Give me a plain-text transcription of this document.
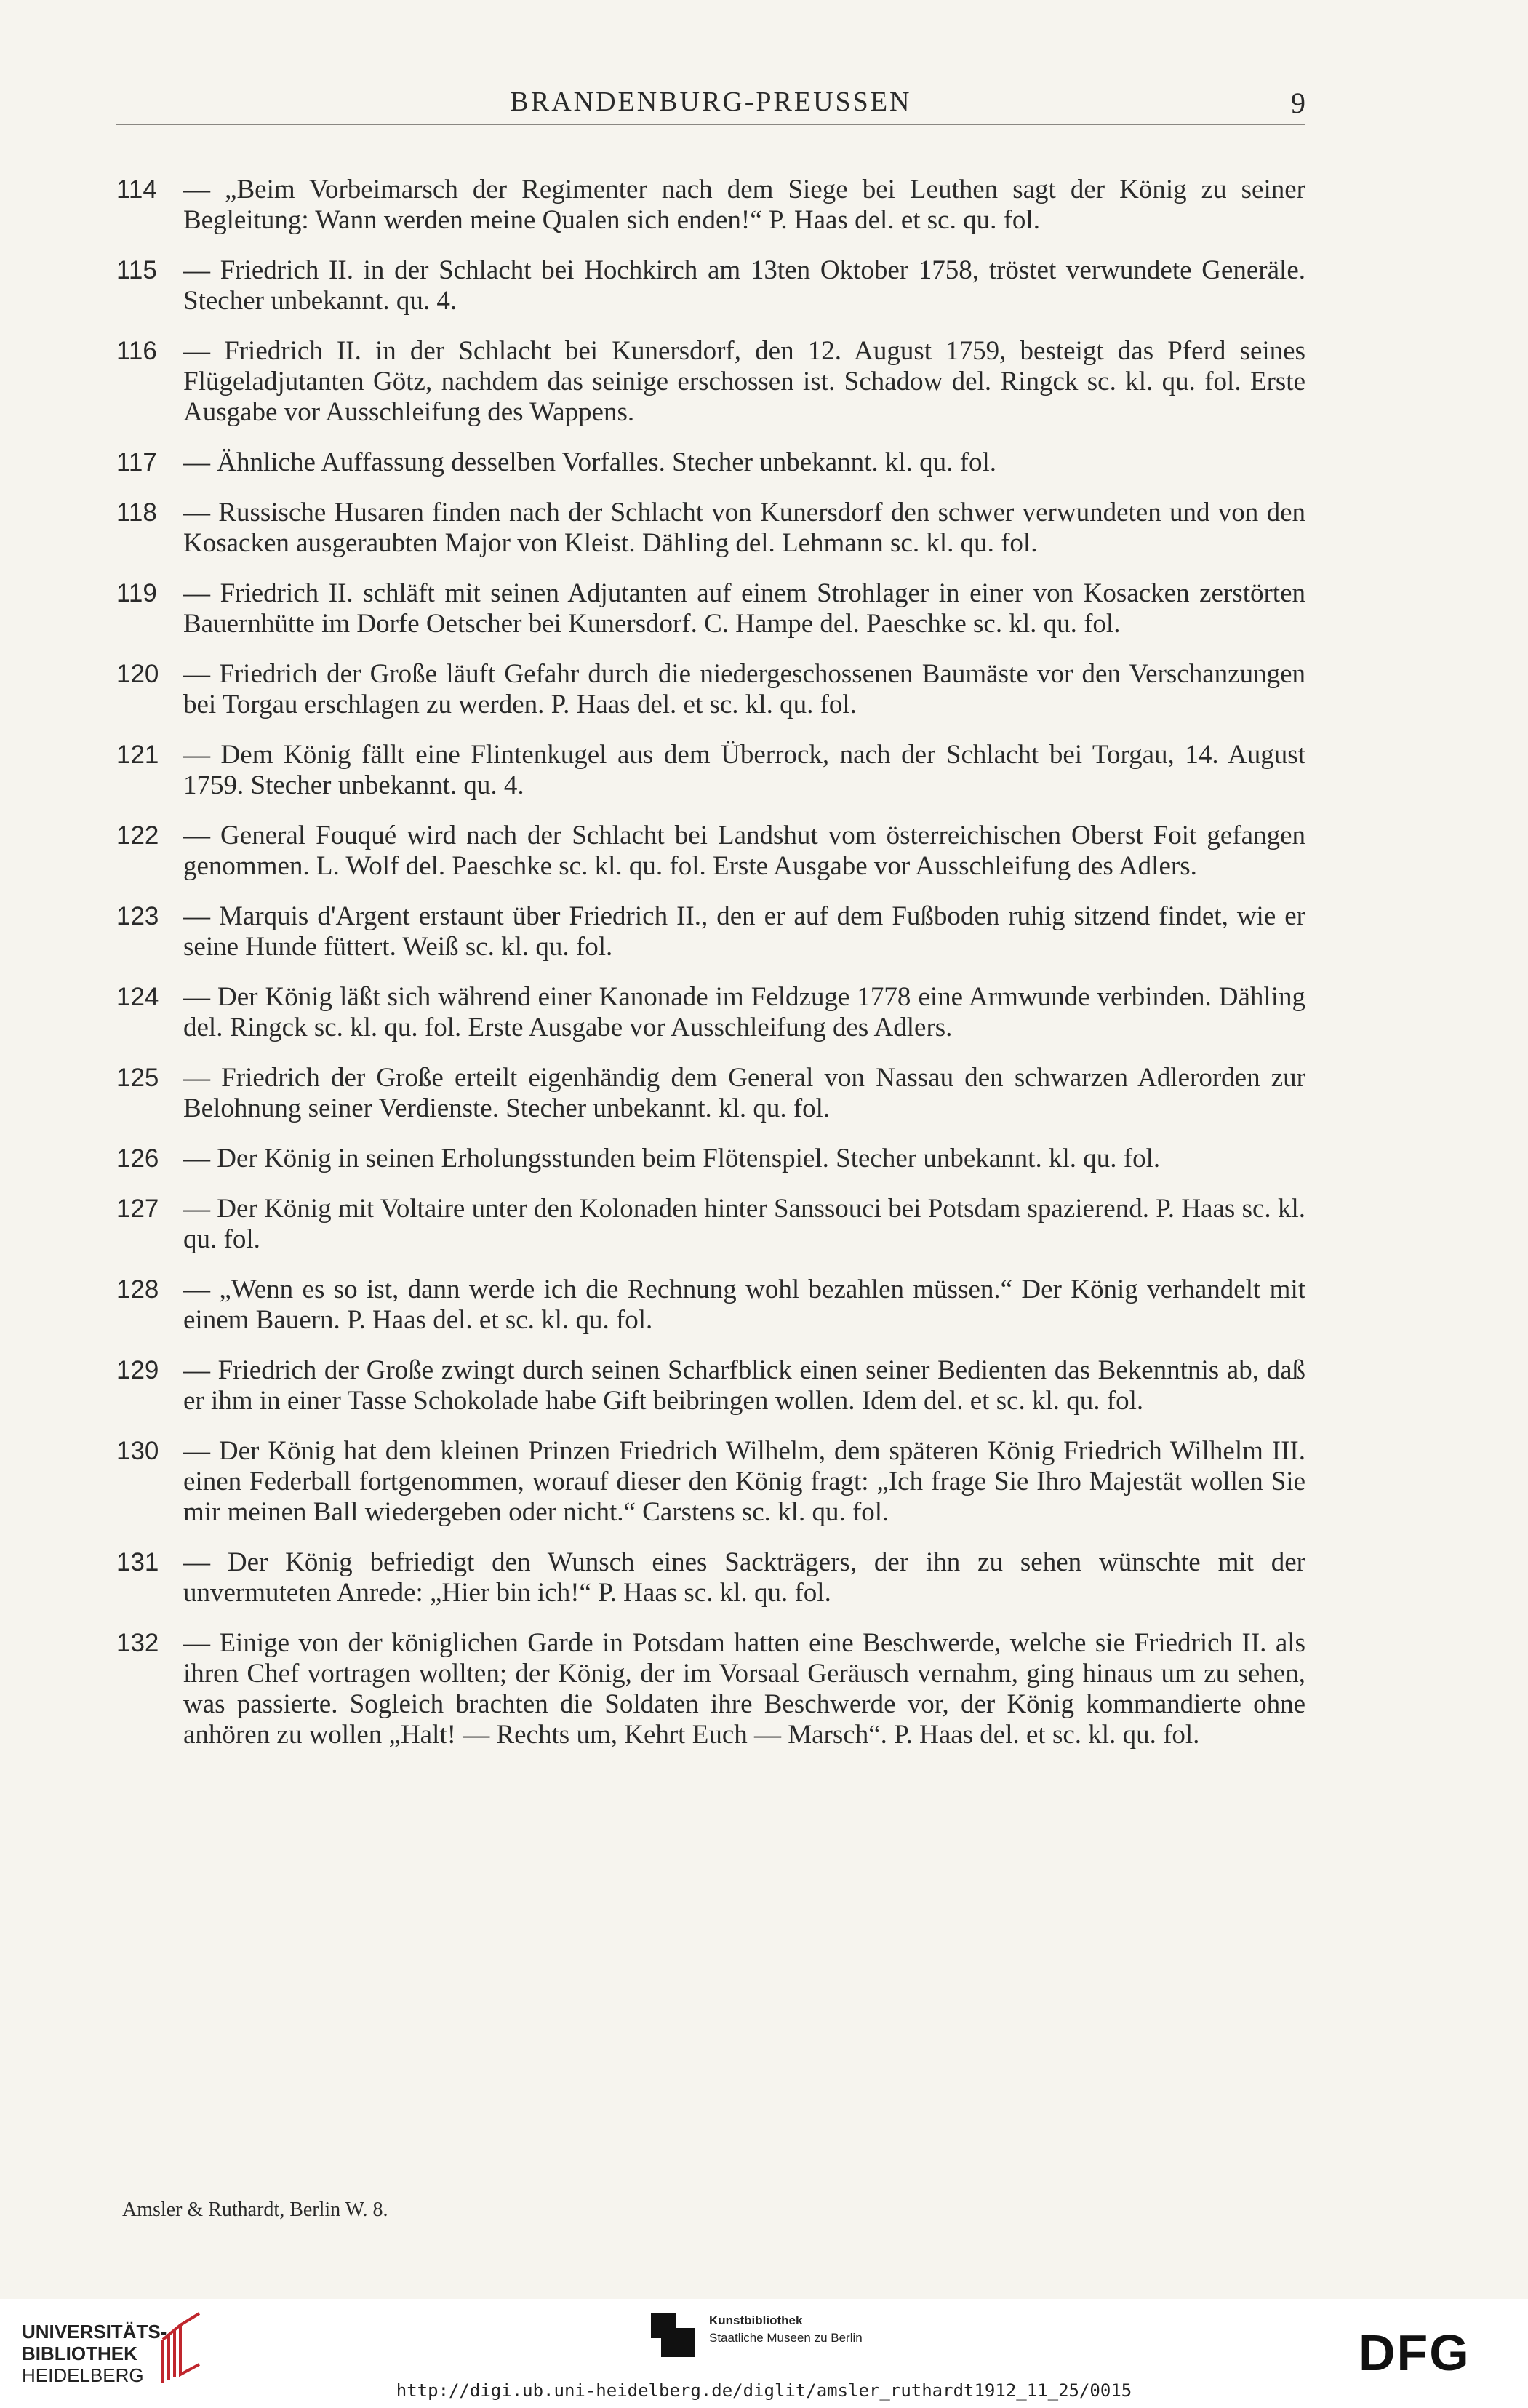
BRANDENBURG-PREUSSEN	9
114 — „Beim Vorbeimarsch der Regimenter nach dem Siege bei Leuthen sagt der König zu seiner Begleitung: Wann werden meine Qualen sich enden!“ P. Haas del. et sc. qu. fol.
115 — Friedrich II. in der Schlacht bei Hochkirch am 13ten Oktober 1758, tröstet verwundete Generäle. Stecher unbekannt. qu. 4.
116 — Friedrich II. in der Schlacht bei Kunersdorf, den 12. August 1759, besteigt das Pferd seines Flügeladjutanten Götz, nachdem das seinige erschossen ist. Schadow del. Ringck sc. kl. qu. fol. Erste Ausgabe vor Ausschleifung des Wappens.
117 — Ähnliche Auffassung desselben Vorfalles. Stecher unbekannt. kl. qu. fol.
118 — Russische Husaren finden nach der Schlacht von Kunersdorf den schwer verwundeten und von den Kosacken ausgeraubten Major von Kleist. Dähling del. Lehmann sc. kl. qu. fol.
119 — Friedrich II. schläft mit seinen Adjutanten auf einem Strohlager in einer von Kosacken zerstörten Bauernhütte im Dorfe Oetscher bei Kunersdorf. C. Hampe del. Paeschke sc. kl. qu. fol.
120 — Friedrich der Große läuft Gefahr durch die niedergeschossenen Baumäste vor den Verschanzungen bei Torgau erschlagen zu werden. P. Haas del. et sc. kl. qu. fol.
121 — Dem König fällt eine Flintenkugel aus dem Überrock, nach der Schlacht bei Torgau, 14. August 1759. Stecher unbekannt. qu. 4.
122 — General Fouqué wird nach der Schlacht bei Landshut vom österreichischen Oberst Foit gefangen genommen. L. Wolf del. Paeschke sc. kl. qu. fol. Erste Ausgabe vor Ausschleifung des Adlers.
123 — Marquis d'Argent erstaunt über Friedrich II., den er auf dem Fußboden ruhig sitzend findet, wie er seine Hunde füttert. Weiß sc. kl. qu. fol.
124 — Der König läßt sich während einer Kanonade im Feldzuge 1778 eine Armwunde verbinden. Dähling del. Ringck sc. kl. qu. fol. Erste Ausgabe vor Ausschleifung des Adlers.
125 — Friedrich der Große erteilt eigenhändig dem General von Nassau den schwarzen Adlerorden zur Belohnung seiner Verdienste. Stecher unbekannt. kl. qu. fol.
126 — Der König in seinen Erholungsstunden beim Flötenspiel. Stecher unbekannt. kl. qu. fol.
127 — Der König mit Voltaire unter den Kolonaden hinter Sanssouci bei Potsdam spazierend. P. Haas sc. kl. qu. fol.
128 — „Wenn es so ist, dann werde ich die Rechnung wohl bezahlen müssen.“ Der König verhandelt mit einem Bauern. P. Haas del. et sc. kl. qu. fol.
129 — Friedrich der Große zwingt durch seinen Scharfblick einen seiner Bedienten das Bekenntnis ab, daß er ihm in einer Tasse Schokolade habe Gift beibringen wollen. Idem del. et sc. kl. qu. fol.
130 — Der König hat dem kleinen Prinzen Friedrich Wilhelm, dem späteren König Friedrich Wilhelm III. einen Federball fortgenommen, worauf dieser den König fragt: „Ich frage Sie Ihro Majestät wollen Sie mir meinen Ball wiedergeben oder nicht.“ Carstens sc. kl. qu. fol.
131 — Der König befriedigt den Wunsch eines Sackträgers, der ihn zu sehen wünschte mit der unvermuteten Anrede: „Hier bin ich!“ P. Haas sc. kl. qu. fol.
132 — Einige von der königlichen Garde in Potsdam hatten eine Beschwerde, welche sie Friedrich II. als ihren Chef vortragen wollten; der König, der im Vorsaal Geräusch vernahm, ging hinaus um zu sehen, was passierte. Sogleich brachten die Soldaten ihre Beschwerde vor, der König kommandierte ohne anhören zu wollen „Halt! — Rechts um, Kehrt Euch — Marsch“. P. Haas del. et sc. kl. qu. fol.
Amsler & Ruthardt, Berlin W. 8.
UNIVERSITÄTS-
BIBLIOTHEK
HEIDELBERG
Kunstbibliothek
Staatliche Museen zu Berlin	DFG
http://digi.ub.uni-heidelberg.de/diglit/amsler_ruthardt1912_11_25/0015
